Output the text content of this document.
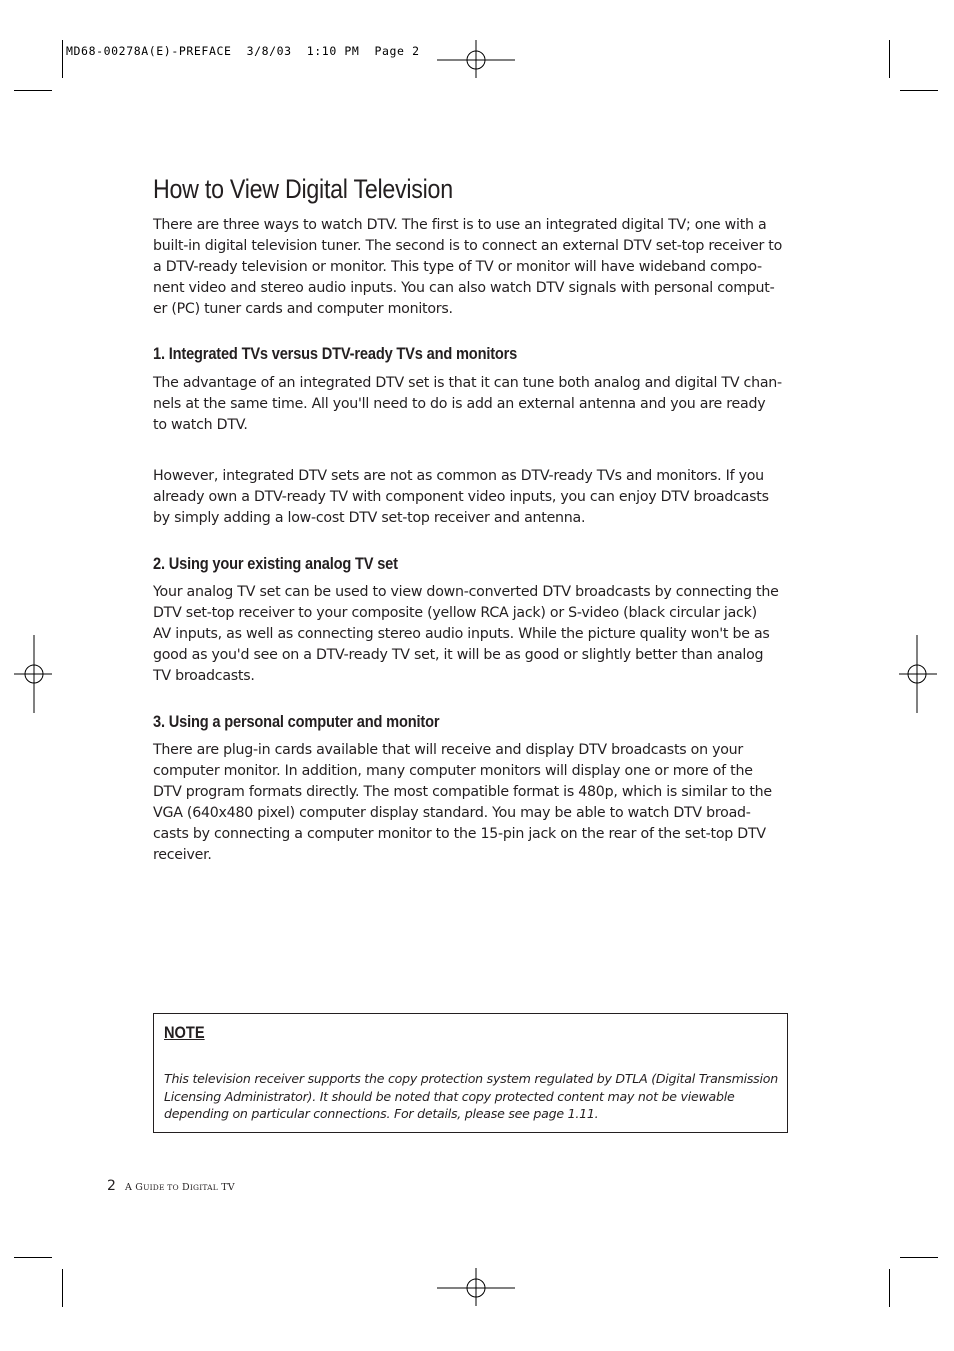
MD68-00278A(E)-PREFACE  3/8/03  1:10 PM  Page 2
How to View Digital Television

There are three ways to watch DTV. The first is to use an integrated digital TV; one with a
built-in digital television tuner. The second is to connect an external DTV set-top receiver to
a DTV-ready television or monitor. This type of TV or monitor will have wideband compo-
nent video and stereo audio inputs. You can also watch DTV signals with personal comput-
er (PC) tuner cards and computer monitors.

1. Integrated TVs versus DTV-ready TVs and monitors

The advantage of an integrated DTV set is that it can tune both analog and digital TV chan-
nels at the same time. All you'll need to do is add an external antenna and you are ready
to watch DTV.

However, integrated DTV sets are not as common as DTV-ready TVs and monitors. If you
already own a DTV-ready TV with component video inputs, you can enjoy DTV broadcasts
by simply adding a low-cost DTV set-top receiver and antenna.

2. Using your existing analog TV set

Your analog TV set can be used to view down-converted DTV broadcasts by connecting the
DTV set-top receiver to your composite (yellow RCA jack) or S-video (black circular jack)
AV inputs, as well as connecting stereo audio inputs. While the picture quality won't be as
good as you'd see on a DTV-ready TV set, it will be as good or slightly better than analog
TV broadcasts.

3. Using a personal computer and monitor

There are plug-in cards available that will receive and display DTV broadcasts on your
computer monitor. In addition, many computer monitors will display one or more of the
DTV program formats directly. The most compatible format is 480p, which is similar to the
VGA (640x480 pixel) computer display standard. You may be able to watch DTV broad-
casts by connecting a computer monitor to the 15-pin jack on the rear of the set-top DTV
receiver.

NOTE

This television receiver supports the copy protection system regulated by DTLA (Digital Transmission
Licensing Administrator). It should be noted that copy protected content may not be viewable
depending on particular connections. For details, please see page 1.11.

2 A GUIDE TO DIGITAL TV
